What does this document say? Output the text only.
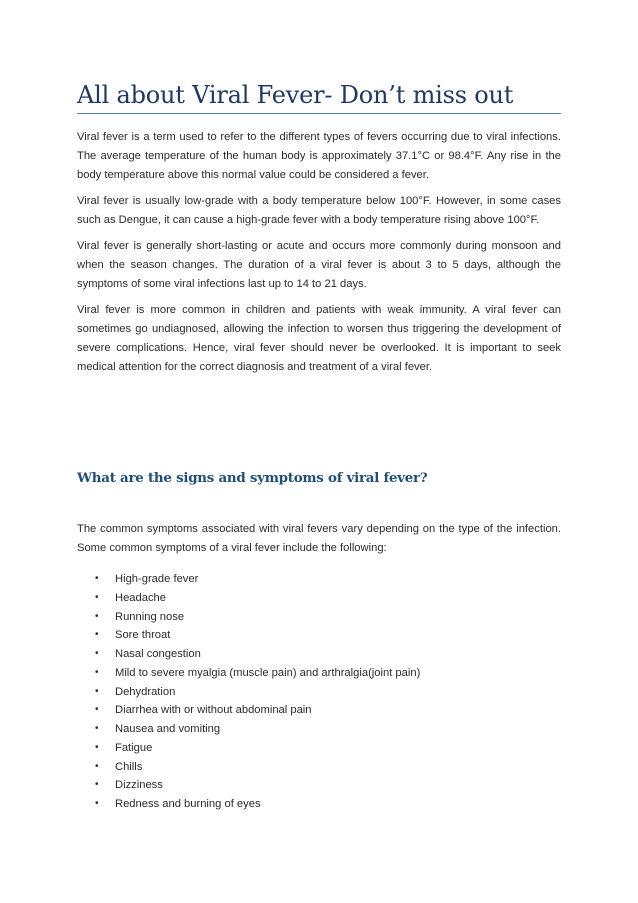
All about Viral Fever- Don’t miss out

Viral fever is a term used to refer to the different types of fevers occurring due to viral infections. The average temperature of the human body is approximately 37.1°C or 98.4°F. Any rise in the body temperature above this normal value could be considered a fever.

Viral fever is usually low-grade with a body temperature below 100°F. However, in some cases such as Dengue, it can cause a high-grade fever with a body temperature rising above 100°F.

Viral fever is generally short-lasting or acute and occurs more commonly during monsoon and when the season changes. The duration of a viral fever is about 3 to 5 days, although the symptoms of some viral infections last up to 14 to 21 days.

Viral fever is more common in children and patients with weak immunity. A viral fever can sometimes go undiagnosed, allowing the infection to worsen thus triggering the development of severe complications. Hence, viral fever should never be overlooked. It is important to seek medical attention for the correct diagnosis and treatment of a viral fever.

What are the signs and symptoms of viral fever?

The common symptoms associated with viral fevers vary depending on the type of the infection. Some common symptoms of a viral fever include the following:

• High-grade fever
• Headache
• Running nose
• Sore throat
• Nasal congestion
• Mild to severe myalgia (muscle pain) and arthralgia(joint pain)
• Dehydration
• Diarrhea with or without abdominal pain
• Nausea and vomiting
• Fatigue
• Chills
• Dizziness
• Redness and burning of eyes
